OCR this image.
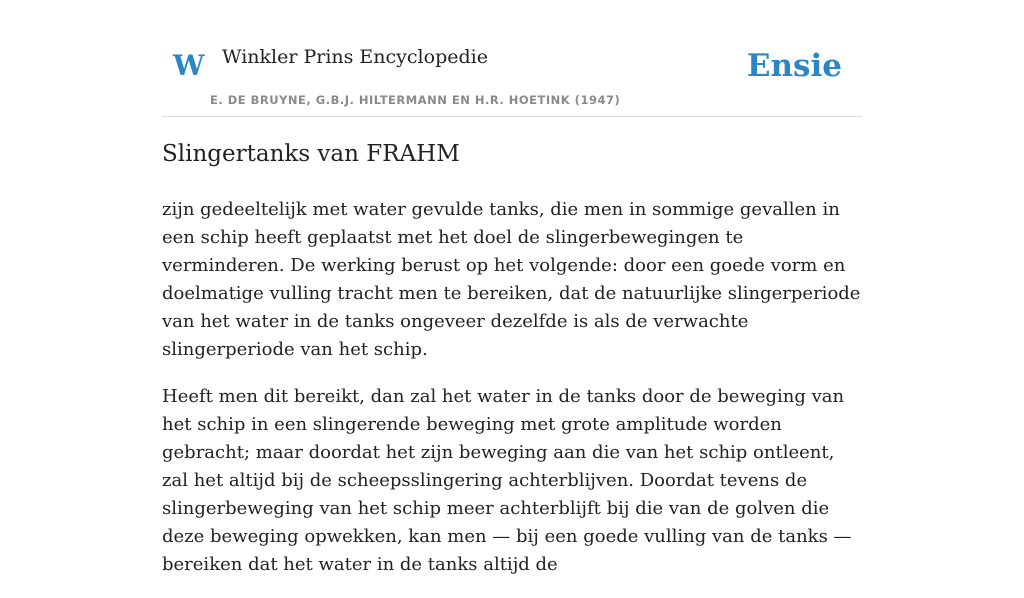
W Winkler Prins Encyclopedie
E. DE BRUYNE, G.B.J. HILTERMANN EN H.R. HOETINK (1947)
Ensie
Slingertanks van FRAHM

zijn gedeeltelijk met water gevulde tanks, die men in sommige gevallen in een schip heeft geplaatst met het doel de slingerbewegingen te verminderen. De werking berust op het volgende: door een goede vorm en doelmatige vulling tracht men te bereiken, dat de natuurlijke slingerperiode van het water in de tanks ongeveer dezelfde is als de verwachte slingerperiode van het schip.

Heeft men dit bereikt, dan zal het water in de tanks door de beweging van het schip in een slingerende beweging met grote amplitude worden gebracht; maar doordat het zijn beweging aan die van het schip ontleent, zal het altijd bij de scheepsslingering achterblijven. Doordat tevens de slingerbeweging van het schip meer achterblijft bij die van de golven die deze beweging opwekken, kan men — bij een goede vulling van de tanks — bereiken dat het water in de tanks altijd de
